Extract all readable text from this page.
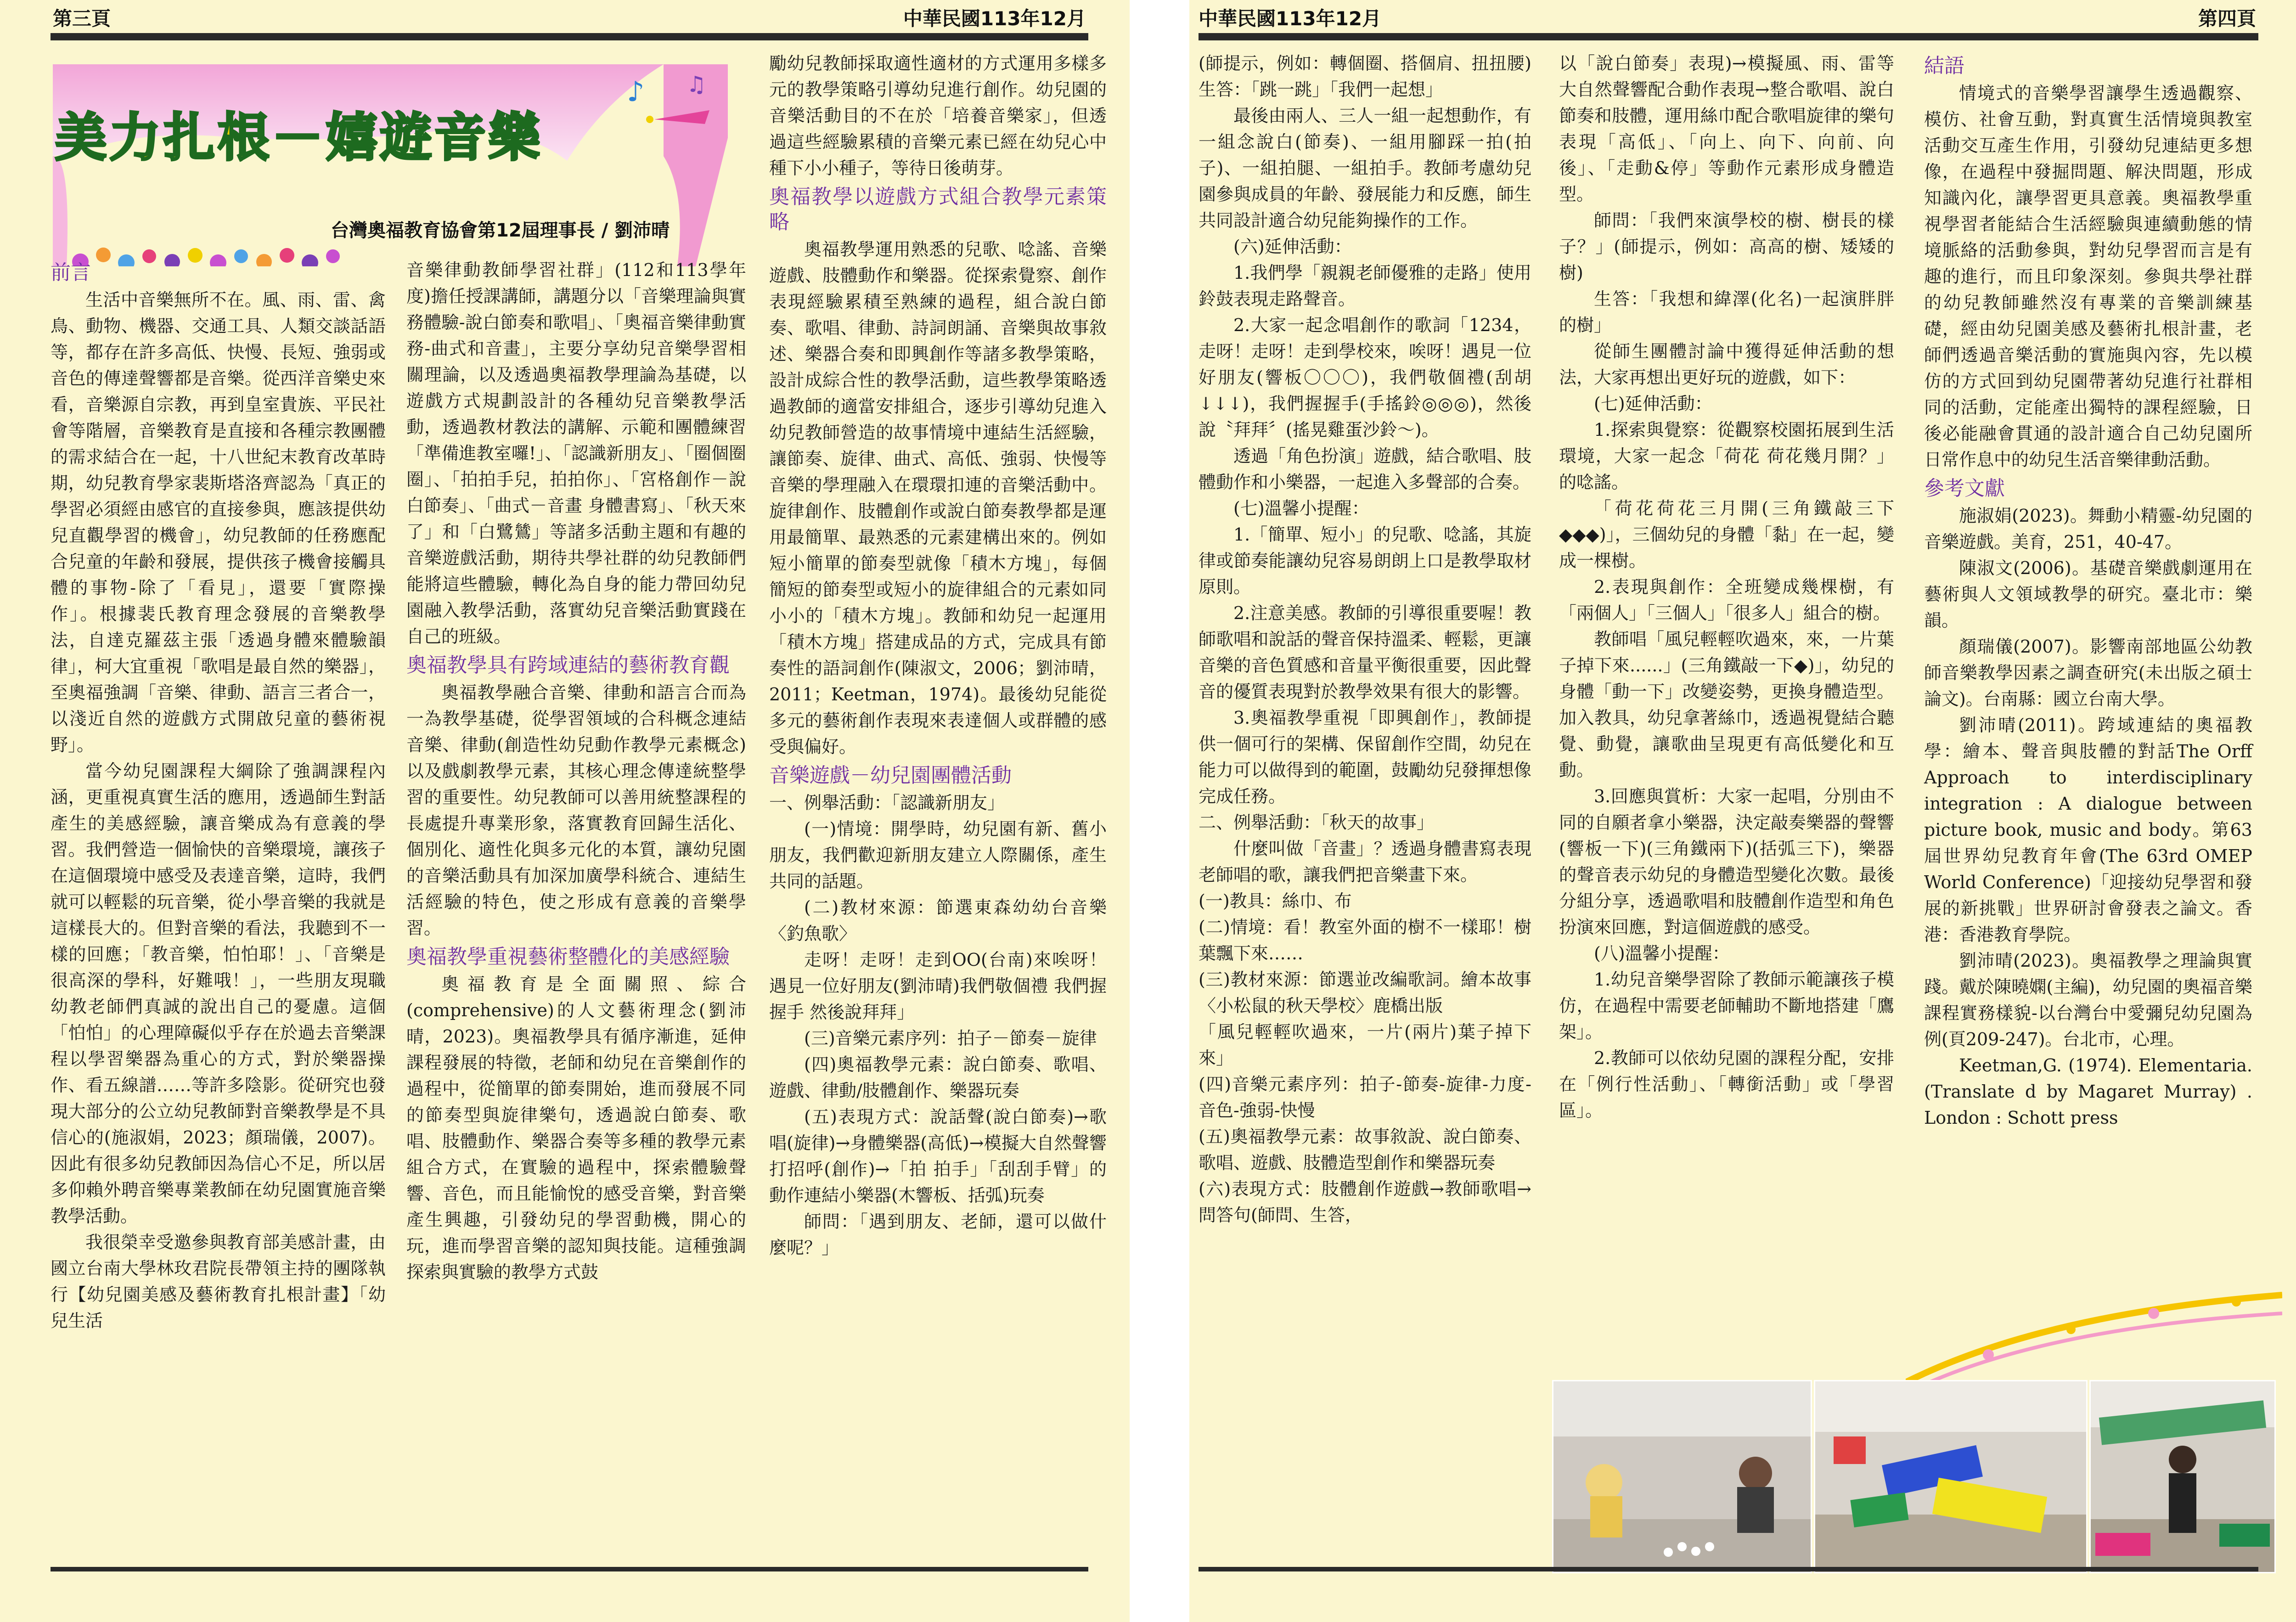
第三頁	中華民國113年12月
♪ ♫
美力扎根－嬉遊音樂
台灣奧福教育協會第12屆理事長 / 劉沛晴
前言

生活中音樂無所不在。風、雨、雷、禽鳥、動物、機器、交通工具、人類交談話語等，都存在許多高低、快慢、長短、強弱或音色的傳達聲響都是音樂。從西洋音樂史來看，音樂源自宗教，再到皇室貴族、平民社會等階層，音樂教育是直接和各種宗教團體的需求結合在一起，十八世紀末教育改革時期，幼兒教育學家裴斯塔洛齊認為「真正的學習必須經由感官的直接參與，應該提供幼兒直觀學習的機會」，幼兒教師的任務應配合兒童的年齡和發展，提供孩子機會接觸具體的事物-除了「看見」，還要「實際操作」。根據裴氏教育理念發展的音樂教學法，自達克羅茲主張「透過身體來體驗韻律」，柯大宜重視「歌唱是最自然的樂器」，至奧福強調「音樂、律動、語言三者合一，以淺近自然的遊戲方式開啟兒童的藝術視野」。

當今幼兒園課程大綱除了強調課程內涵，更重視真實生活的應用，透過師生對話產生的美感經驗，讓音樂成為有意義的學習。我們營造一個愉快的音樂環境，讓孩子在這個環境中感受及表達音樂，這時，我們就可以輕鬆的玩音樂，從小學音樂的我就是這樣長大的。但對音樂的看法，我聽到不一樣的回應；「教音樂，怕怕耶！」、「音樂是很高深的學科，好難哦！」，一些朋友現職幼教老師們真誠的說出自己的憂慮。這個「怕怕」的心理障礙似乎存在於過去音樂課程以學習樂器為重心的方式，對於樂器操作、看五線譜……等許多陰影。從研究也發現大部分的公立幼兒教師對音樂教學是不具信心的(施淑娟，2023；顏瑞儀，2007)。因此有很多幼兒教師因為信心不足，所以居多仰賴外聘音樂專業教師在幼兒園實施音樂教學活動。

我很榮幸受邀參與教育部美感計畫，由國立台南大學林玫君院長帶領主持的團隊執行【幼兒園美感及藝術教育扎根計畫】「幼兒生活

音樂律動教師學習社群」(112和113學年度)擔任授課講師，講題分以「音樂理論與實務體驗-說白節奏和歌唱」、「奧福音樂律動實務-曲式和音畫」，主要分享幼兒音樂學習相關理論，以及透過奧福教學理論為基礎，以遊戲方式規劃設計的各種幼兒音樂教學活動，透過教材教法的講解、示範和團體練習「準備進教室囉!」、「認識新朋友」、「圈個圈圈」、「拍拍手兒，拍拍你」、「宮格創作－說白節奏」、「曲式－音畫 身體書寫」、「秋天來了」和「白鷺鷥」等諸多活動主題和有趣的音樂遊戲活動，期待共學社群的幼兒教師們能將這些體驗，轉化為自身的能力帶回幼兒園融入教學活動，落實幼兒音樂活動實踐在自己的班級。

奧福教學具有跨域連結的藝術教育觀

奧福教學融合音樂、律動和語言合而為一為教學基礎，從學習領域的合科概念連結音樂、律動(創造性幼兒動作教學元素概念)以及戲劇教學元素，其核心理念傳達統整學習的重要性。幼兒教師可以善用統整課程的長處提升專業形象，落實教育回歸生活化、個別化、適性化與多元化的本質，讓幼兒園的音樂活動具有加深加廣學科統合、連結生活經驗的特色，使之形成有意義的音樂學習。

奧福教學重視藝術整體化的美感經驗

奧福教育是全面關照、綜合(comprehensive)的人文藝術理念(劉沛晴，2023)。奧福教學具有循序漸進，延伸課程發展的特徵，老師和幼兒在音樂創作的過程中，從簡單的節奏開始，進而發展不同的節奏型與旋律樂句，透過說白節奏、歌唱、肢體動作、樂器合奏等多種的教學元素組合方式，在實驗的過程中，探索體驗聲響、音色，而且能愉悅的感受音樂，對音樂產生興趣，引發幼兒的學習動機，開心的玩，進而學習音樂的認知與技能。這種強調探索與實驗的教學方式鼓

勵幼兒教師採取適性適材的方式運用多樣多元的教學策略引導幼兒進行創作。幼兒園的音樂活動目的不在於「培養音樂家」，但透過這些經驗累積的音樂元素已經在幼兒心中種下小小種子，等待日後萌芽。

奧福教學以遊戲方式組合教學元素策略

奧福教學運用熟悉的兒歌、唸謠、音樂遊戲、肢體動作和樂器。從探索覺察、創作表現經驗累積至熟練的過程，組合說白節奏、歌唱、律動、詩詞朗誦、音樂與故事敘述、樂器合奏和即興創作等諸多教學策略，設計成綜合性的教學活動，這些教學策略透過教師的適當安排組合，逐步引導幼兒進入幼兒教師營造的故事情境中連結生活經驗，讓節奏、旋律、曲式、高低、強弱、快慢等音樂的學理融入在環環扣連的音樂活動中。旋律創作、肢體創作或說白節奏教學都是運用最簡單、最熟悉的元素建構出來的。例如短小簡單的節奏型就像「積木方塊」，每個簡短的節奏型或短小的旋律組合的元素如同小小的「積木方塊」。教師和幼兒一起運用「積木方塊」搭建成品的方式，完成具有節奏性的語詞創作(陳淑文，2006；劉沛晴，2011；Keetman，1974)。最後幼兒能從多元的藝術創作表現來表達個人或群體的感受與偏好。

音樂遊戲－幼兒園團體活動

一、例舉活動：「認識新朋友」

(一)情境：開學時，幼兒園有新、舊小朋友，我們歡迎新朋友建立人際關係，產生共同的話題。

(二)教材來源：節選東森幼幼台音樂〈釣魚歌〉

走呀！走呀！走到OO(台南)來唉呀！遇見一位好朋友(劉沛晴)我們敬個禮 我們握握手 然後說拜拜」

(三)音樂元素序列：拍子－節奏－旋律

(四)奧福教學元素：說白節奏、歌唱、遊戲、律動/肢體創作、樂器玩奏

(五)表現方式：說話聲(說白節奏)→歌唱(旋律)→身體樂器(高低)→模擬大自然聲響打招呼(創作)→「拍 拍手」「刮刮手臂」的動作連結小樂器(木響板、括弧)玩奏

師問：「遇到朋友、老師，還可以做什麼呢？」

中華民國113年12月	第四頁

(師提示，例如：轉個圈、搭個肩、扭扭腰)生答：「跳一跳」「我們一起想」

最後由兩人、三人一組一起想動作，有一組念說白(節奏)、一組用腳踩一拍(拍子)、一組拍腿、一組拍手。教師考慮幼兒園參與成員的年齡、發展能力和反應，師生共同設計適合幼兒能夠操作的工作。

(六)延伸活動：

1.我們學「親親老師優雅的走路」使用鈴鼓表現走路聲音。

2.大家一起念唱創作的歌詞「1234，走呀！走呀！走到學校來，唉呀！遇見一位好朋友(響板〇〇〇)，我們敬個禮(刮胡↓↓↓)，我們握握手(手搖鈴◎◎◎)，然後說〝拜拜〞(搖晃雞蛋沙鈴～)。

透過「角色扮演」遊戲，結合歌唱、肢體動作和小樂器，一起進入多聲部的合奏。

(七)溫馨小提醒：

1.「簡單、短小」的兒歌、唸謠，其旋律或節奏能讓幼兒容易朗朗上口是教學取材原則。

2.注意美感。教師的引導很重要喔！教師歌唱和說話的聲音保持溫柔、輕鬆，更讓音樂的音色質感和音量平衡很重要，因此聲音的優質表現對於教學效果有很大的影響。

3.奧福教學重視「即興創作」，教師提供一個可行的架構、保留創作空間，幼兒在能力可以做得到的範圍，鼓勵幼兒發揮想像完成任務。

二、例舉活動：「秋天的故事」

什麼叫做「音畫」？透過身體書寫表現老師唱的歌，讓我們把音樂畫下來。

(一)教具：絲巾、布

(二)情境：看！教室外面的樹不一樣耶！樹葉飄下來……

(三)教材來源：節選並改編歌詞。繪本故事〈小松鼠的秋天學校〉鹿橋出版

「風兒輕輕吹過來，一片(兩片)葉子掉下來」

(四)音樂元素序列：拍子-節奏-旋律-力度-音色-強弱-快慢

(五)奧福教學元素：故事敘說、說白節奏、歌唱、遊戲、肢體造型創作和樂器玩奏

(六)表現方式：肢體創作遊戲→教師歌唱→問答句(師問、生答，

以「說白節奏」表現)→模擬風、雨、雷等大自然聲響配合動作表現→整合歌唱、說白節奏和肢體，運用絲巾配合歌唱旋律的樂句表現「高低」、「向上、向下、向前、向後」、「走動&停」等動作元素形成身體造型。

師問：「我們來演學校的樹、樹長的樣子？」(師提示，例如：高高的樹、矮矮的樹)

生答：「我想和緯澤(化名)一起演胖胖的樹」

從師生團體討論中獲得延伸活動的想法，大家再想出更好玩的遊戲，如下：

(七)延伸活動：

1.探索與覺察：從觀察校園拓展到生活環境，大家一起念「荷花 荷花幾月開？」的唸謠。

「荷花荷花三月開(三角鐵敲三下◆◆◆)」，三個幼兒的身體「黏」在一起，變成一棵樹。

2.表現與創作：全班變成幾棵樹，有「兩個人」「三個人」「很多人」組合的樹。

教師唱「風兒輕輕吹過來，來，一片葉子掉下來......」(三角鐵敲一下◆)」，幼兒的身體「動一下」改變姿勢，更換身體造型。加入教具，幼兒拿著絲巾，透過視覺結合聽覺、動覺，讓歌曲呈現更有高低變化和互動。

3.回應與賞析：大家一起唱，分別由不同的自願者拿小樂器，決定敲奏樂器的聲響(響板一下)(三角鐵兩下)(括弧三下)，樂器的聲音表示幼兒的身體造型變化次數。最後分組分享，透過歌唱和肢體創作造型和角色扮演來回應，對這個遊戲的感受。

(八)溫馨小提醒：

1.幼兒音樂學習除了教師示範讓孩子模仿，在過程中需要老師輔助不斷地搭建「鷹架」。

2.教師可以依幼兒園的課程分配，安排在「例行性活動」、「轉銜活動」或「學習區」。

結語

情境式的音樂學習讓學生透過觀察、模仿、社會互動，對真實生活情境與教室活動交互產生作用，引發幼兒連結更多想像，在過程中發掘問題、解決問題，形成知識內化，讓學習更具意義。奧福教學重視學習者能結合生活經驗與連續動態的情境脈絡的活動參與，對幼兒學習而言是有趣的進行，而且印象深刻。參與共學社群的幼兒教師雖然沒有專業的音樂訓練基礎，經由幼兒園美感及藝術扎根計畫，老師們透過音樂活動的實施與內容，先以模仿的方式回到幼兒園帶著幼兒進行社群相同的活動，定能產出獨特的課程經驗，日後必能融會貫通的設計適合自己幼兒園所日常作息中的幼兒生活音樂律動活動。

參考文獻

施淑娟(2023)。舞動小精靈-幼兒園的音樂遊戲。美育，251，40-47。

陳淑文(2006)。基礎音樂戲劇運用在藝術與人文領域教學的研究。臺北市：樂韻。

顏瑞儀(2007)。影響南部地區公幼教師音樂教學因素之調查研究(未出版之碩士論文)。台南縣：國立台南大學。

劉沛晴(2011)。跨域連結的奧福教學：繪本、聲音與肢體的對話The Orff Approach to interdisciplinary integration : A dialogue between picture book, music and body。第63屆世界幼兒教育年會(The 63rd OMEP World Conference)「迎接幼兒學習和發展的新挑戰」世界研討會發表之論文。香港：香港教育學院。

劉沛晴(2023)。奧福教學之理論與實踐。戴於陳曉嫻(主編)，幼兒園的奧福音樂課程實務樣貌-以台灣台中愛彌兒幼兒園為例(頁209-247)。台北市，心理。

Keetman,G. (1974). Elementaria. (Translate d by Magaret Murray) . London : Schott press
